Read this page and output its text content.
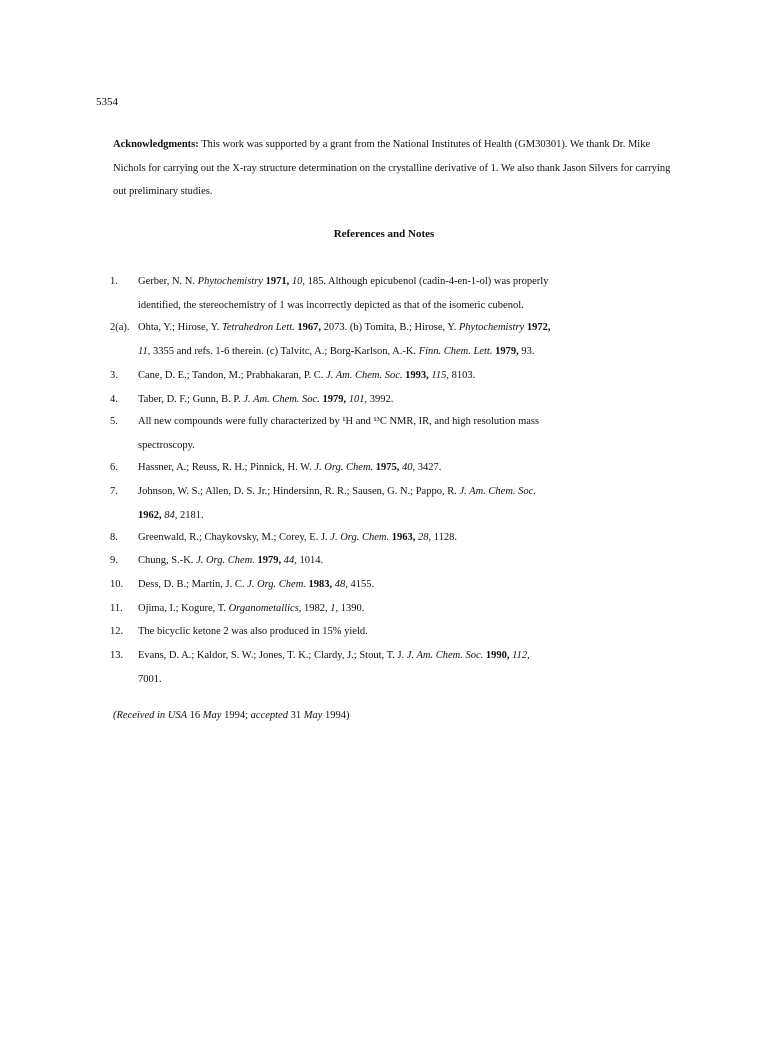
5354
Acknowledgments: This work was supported by a grant from the National Institutes of Health (GM30301). We thank Dr. Mike Nichols for carrying out the X-ray structure determination on the crystalline derivative of 1. We also thank Jason Silvers for carrying out preliminary studies.
References and Notes
1. Gerber, N. N. Phytochemistry 1971, 10, 185. Although epicubenol (cadin-4-en-1-ol) was properly
identified, the stereochemistry of 1 was incorrectly depicted as that of the isomeric cubenol.
2(a). Ohta, Y.; Hirose, Y. Tetrahedron Lett. 1967, 2073. (b) Tomita, B.; Hirose, Y. Phytochemistry 1972,
11, 3355 and refs. 1-6 therein. (c) Talvitc, A.; Borg-Karlson, A.-K. Finn. Chem. Lett. 1979, 93.
3. Cane, D. E.; Tandon, M.; Prabhakaran, P. C. J. Am. Chem. Soc. 1993, 115, 8103.
4. Taber, D. F.; Gunn, B. P. J. Am. Chem. Soc. 1979, 101, 3992.
5. All new compounds were fully characterized by ¹H and ¹³C NMR, IR, and high resolution mass
spectroscopy.
6. Hassner, A.; Reuss, R. H.; Pinnick, H. W. J. Org. Chem. 1975, 40, 3427.
7. Johnson, W. S.; Allen, D. S. Jr.; Hindersinn, R. R.; Sausen, G. N.; Pappo, R. J. Am. Chem. Soc.
1962, 84, 2181.
8. Greenwald, R.; Chaykovsky, M.; Corey, E. J. J. Org. Chem. 1963, 28, 1128.
9. Chung, S.-K. J. Org. Chem. 1979, 44, 1014.
10. Dess, D. B.; Martin, J. C. J. Org. Chem. 1983, 48, 4155.
11. Ojima, I.; Kogure, T. Organometallics, 1982, 1, 1390.
12. The bicyclic ketone 2 was also produced in 15% yield.
13. Evans, D. A.; Kaldor, S. W.; Jones, T. K.; Clardy, J.; Stout, T. J. J. Am. Chem. Soc. 1990, 112,
7001.
(Received in USA 16 May 1994; accepted 31 May 1994)
